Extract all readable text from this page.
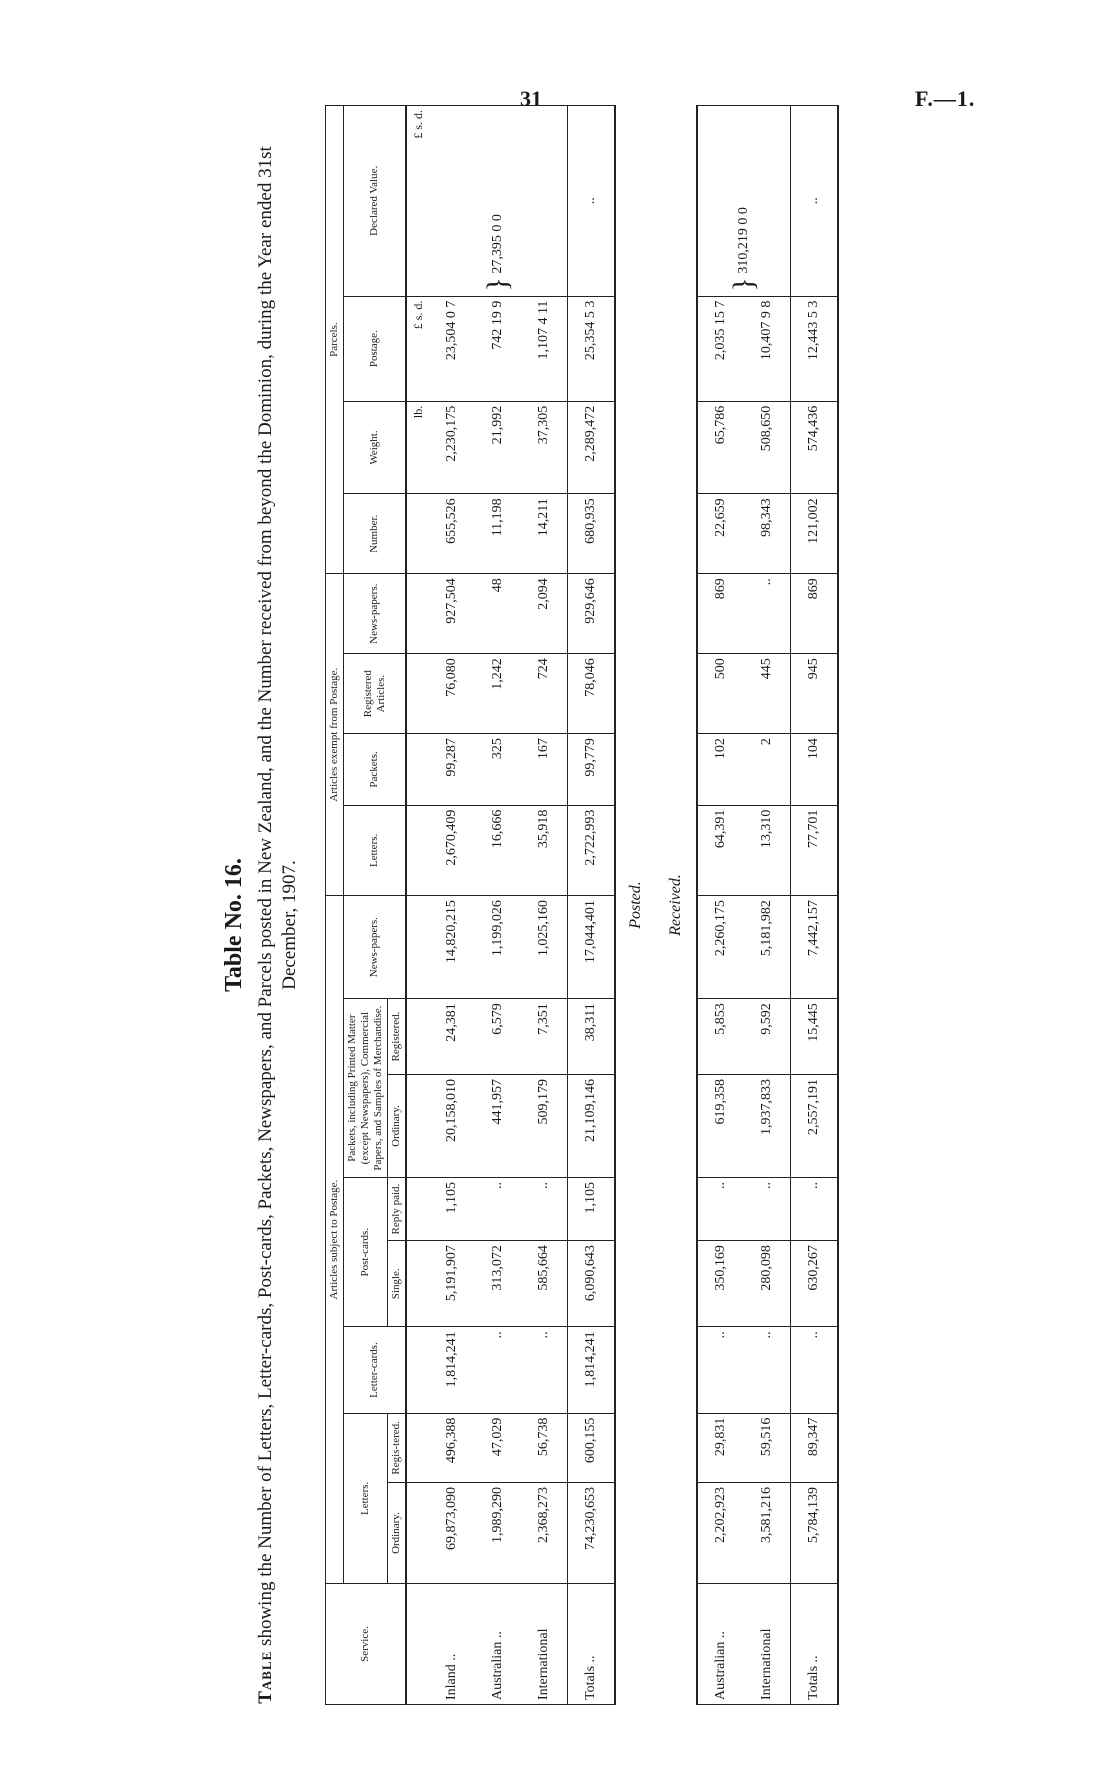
31	F.—1.
Table No. 16.
Table showing the Number of Letters, Letter-cards, Post-cards, Packets, Newspapers, and Parcels posted in New Zealand, and the Number received from beyond the Dominion, during the Year ended 31st December, 1907.
Service.	Articles subject to Postage.								Articles exempt from Postage.				Parcels.			
	Letters.		Letter-cards.	Post-cards.		Packets, including Printed Matter (except Newspapers), Commercial Papers, and Samples of Merchandise.		News-papers.	Letters.	Packets.	Registered Articles.	News-papers.	Number.	Weight.	Postage.	Declared Value.
	Ordinary.	Regis-tered.		Single.	Reply paid.	Ordinary.	Registered.									

														lb.	£ s. d.	£ s. d.
Inland ..	69,873,090	496,388	1,814,241	5,191,907	1,105	20,158,010	24,381	14,820,215	2,670,409	99,287	76,080	927,504	655,526	2,230,175	23,504 0 7	} 27,395 0 0
Australian ..	1,989,290	47,029	..	313,072	..	441,957	6,579	1,199,026	16,666	325	1,242	48	11,198	21,992	742 19 9	
International	2,368,273	56,738	..	585,664	..	509,179	7,351	1,025,160	35,918	167	724	2,094	14,211	37,305	1,107 4 11	
Totals ..	74,230,653	600,155	1,814,241	6,090,643	1,105	21,109,146	38,311	17,044,401	2,722,993	99,779	78,046	929,646	680,935	2,289,472	25,354 5 3	..
Posted.																
Received.																
Australian ..	2,202,923	29,831	..	350,169	..	619,358	5,853	2,260,175	64,391	102	500	869	22,659	65,786	2,035 15 7	} 310,219 0 0
International	3,581,216	59,516	..	280,098	..	1,937,833	9,592	5,181,982	13,310	2	445	..	98,343	508,650	10,407 9 8	
Totals ..	5,784,139	89,347	..	630,267	..	2,557,191	15,445	7,442,157	77,701	104	945	869	121,002	574,436	12,443 5 3	..
